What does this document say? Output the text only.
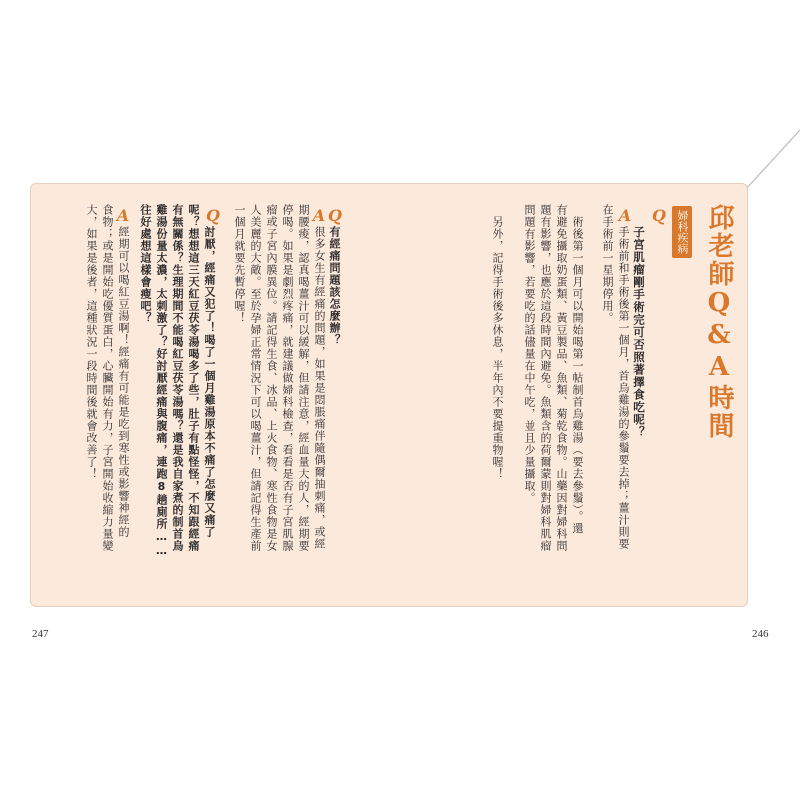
邱老師Q&A時間
婦科疾病
Q
子宮肌瘤剛手術完可否照著擇食吃呢？
A
手術前和手術後第一個月，首烏雞湯的參鬚要去掉；薑汁則要
在手術前一星期停用。
術後第一個月可以開始喝第一帖制首烏雞湯（要去參鬚）。還
有避免攝取奶蛋類、黃豆製品、魚類、菊乾食物。山藥因對婦科問
題有影響，也應於這段時間內避免。魚類含的荷爾蒙則對婦科肌瘤
問題有影響，若要吃的話儘量在中午吃，並且少量攝取。
另外，記得手術後多休息，半年內不要提重物喔！
Q
有經痛問題該怎麼辦？
A
很多女生有經痛的問題，如果是悶脹痛伴隨偶爾抽刺痛，或經
期腰痠，認真喝薑汁可以緩解，但請注意，經血量大的人，經期要
停喝。如果是劇烈疼痛，就建議做婦科檢查，看看是否有子宮肌腺
瘤或子宮內膜異位。請記得生食、冰品、上火食物、寒性食物是女
人美麗的大敵。至於孕婦正常情況下可以喝薑汁，但請記得生產前
一個月就要先暫停喔！
Q
討厭，經痛又犯了！喝了一個月雞湯原本不痛了怎麼又痛了
呢？想想這三天紅豆茯苓湯喝多了些，肚子有點怪怪，不知跟經痛
有無關係？生理期間不能喝紅豆茯苓湯嗎？還是我自家煮的制首烏
雞湯份量太濃，太刺激了？好討厭經痛與腹痛，連跑8趟廁所……
往好處想這樣會瘦吧？
A
經期可以喝紅豆湯啊！經痛有可能是吃到寒性或影響神經的
食物；或是開始吃優質蛋白，心臟開始有力，子宮開始收縮力量變
大，如果是後者，這種狀況一段時間後就會改善了！
247	246
